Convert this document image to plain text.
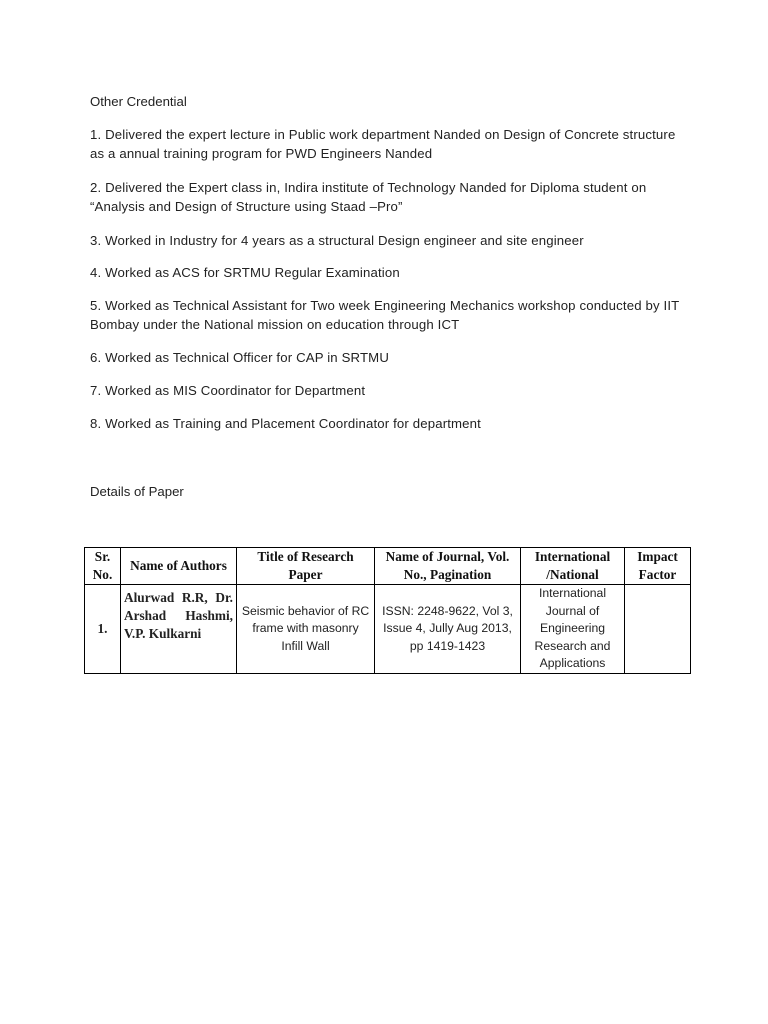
Other Credential

1. Delivered the expert lecture in Public work department Nanded on Design of Concrete structure as a annual training program for PWD Engineers Nanded

2. Delivered the Expert class in, Indira institute of Technology Nanded for Diploma student on “Analysis and Design of Structure using Staad –Pro”

3. Worked in Industry for 4 years as a structural Design engineer and site engineer

4. Worked as ACS for SRTMU Regular Examination

5. Worked as Technical Assistant for Two week Engineering Mechanics workshop conducted by IIT Bombay under the National mission on education through ICT

6. Worked as Technical Officer for CAP in SRTMU

7. Worked as MIS Coordinator for Department

8. Worked as Training and Placement Coordinator for department

Details of Paper

Sr. No.	Name of Authors	Title of Research Paper	Name of Journal, Vol. No., Pagination	International /National	Impact Factor
1.	Alurwad R.R, Dr. Arshad Hashmi, V.P. Kulkarni	Seismic behavior of RC frame with masonry Infill Wall	ISSN: 2248-9622, Vol 3, Issue 4, Jully Aug 2013, pp 1419-1423	International Journal of Engineering Research and Applications	
